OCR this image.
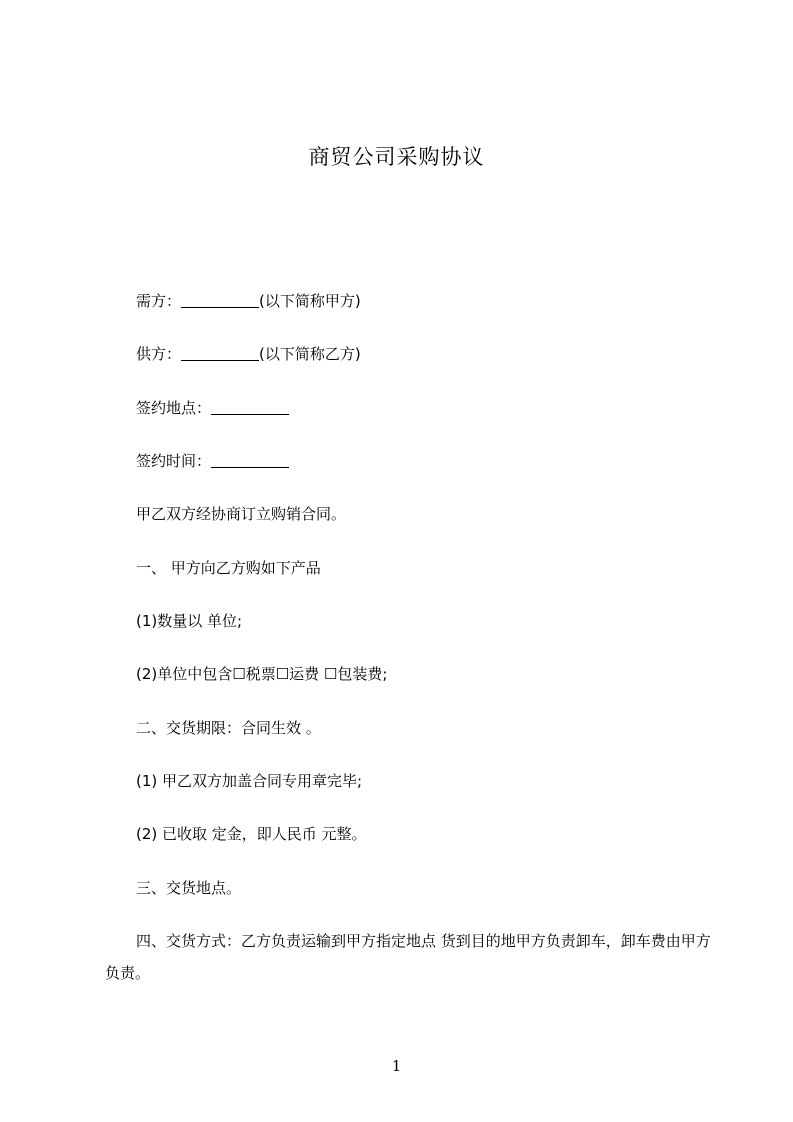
商贸公司采购协议
需方：	(以下简称甲方)
供方：	(以下简称乙方)
签约地点：
签约时间：
甲乙双方经协商订立购销合同。
一、 甲方向乙方购如下产品
(1)数量以 单位;
(2)单位中包含☐税票☐运费 ☐包装费;
二、交货期限：合同生效 。
(1) 甲乙双方加盖合同专用章完毕;
(2) 已收取 定金，即人民币 元整。
三、交货地点。
四、交货方式：乙方负责运输到甲方指定地点 货到目的地甲方负责卸车，卸车费由甲方负责。
1
